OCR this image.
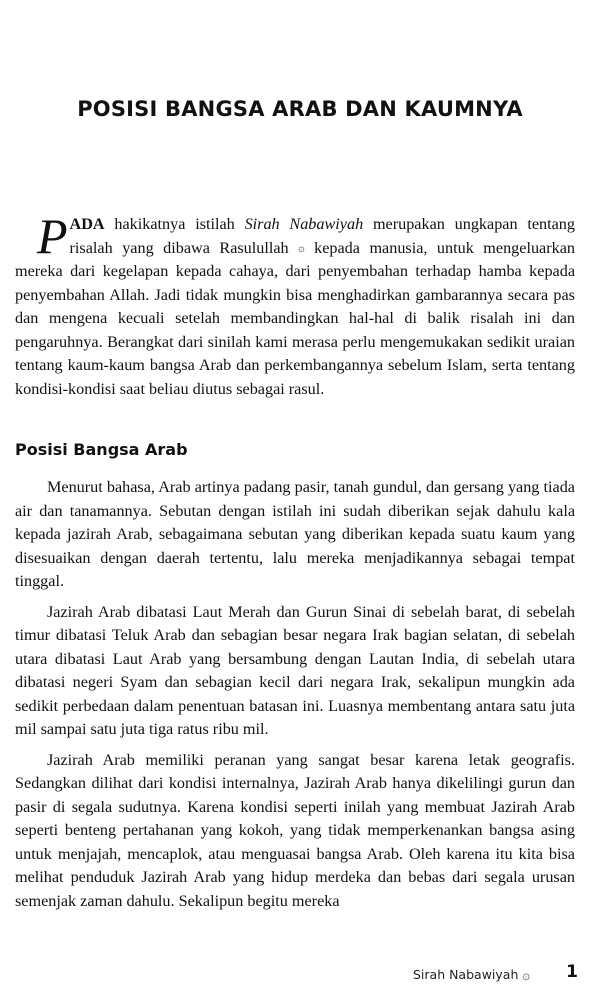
POSISI BANGSA ARAB DAN KAUMNYA

PADA hakikatnya istilah Sirah Nabawiyah merupakan ungkapan tentang risalah yang dibawa Rasulullah ۞ kepada manusia, untuk mengeluarkan mereka dari kegelapan kepada cahaya, dari penyembahan terhadap hamba kepada penyembahan Allah. Jadi tidak mungkin bisa menghadirkan gambarannya secara pas dan mengena kecuali setelah membandingkan hal-hal di balik risalah ini dan pengaruhnya. Berangkat dari sinilah kami merasa perlu mengemukakan sedikit uraian tentang kaum-kaum bangsa Arab dan perkembangannya sebelum Islam, serta tentang kondisi-kondisi saat beliau diutus sebagai rasul.

Posisi Bangsa Arab

Menurut bahasa, Arab artinya padang pasir, tanah gundul, dan gersang yang tiada air dan tanamannya. Sebutan dengan istilah ini sudah diberikan sejak dahulu kala kepada jazirah Arab, sebagaimana sebutan yang diberikan kepada suatu kaum yang disesuaikan dengan daerah tertentu, lalu mereka menjadikannya sebagai tempat tinggal.

Jazirah Arab dibatasi Laut Merah dan Gurun Sinai di sebelah barat, di sebelah timur dibatasi Teluk Arab dan sebagian besar negara Irak bagian selatan, di sebelah utara dibatasi Laut Arab yang bersambung dengan Lautan India, di sebelah utara dibatasi negeri Syam dan sebagian kecil dari negara Irak, sekalipun mungkin ada sedikit perbedaan dalam penentuan batasan ini. Luasnya membentang antara satu juta mil sampai satu juta tiga ratus ribu mil.

Jazirah Arab memiliki peranan yang sangat besar karena letak geografis. Sedangkan dilihat dari kondisi internalnya, Jazirah Arab hanya dikelilingi gurun dan pasir di segala sudutnya. Karena kondisi seperti inilah yang membuat Jazirah Arab seperti benteng pertahanan yang kokoh, yang tidak memperkenankan bangsa asing untuk menjajah, mencaplok, atau menguasai bangsa Arab. Oleh karena itu kita bisa melihat penduduk Jazirah Arab yang hidup merdeka dan bebas dari segala urusan semenjak zaman dahulu. Sekalipun begitu mereka

Sirah Nabawiyah ۞ 1
